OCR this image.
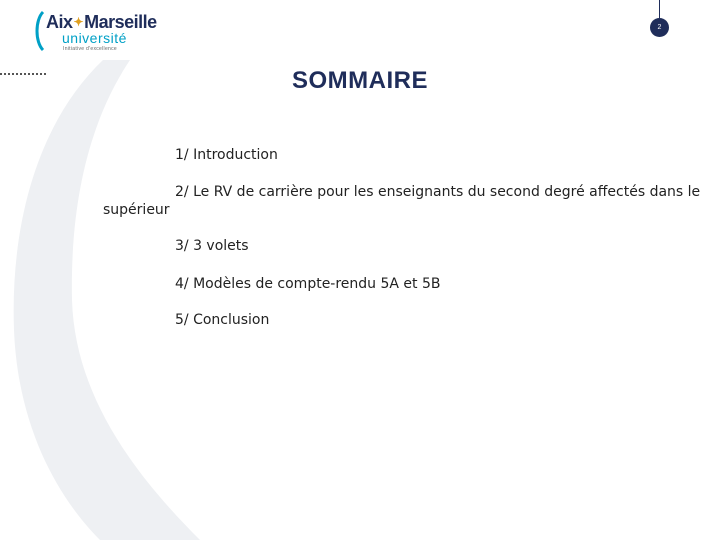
Aix✦Marseille
université
Initiative d'excellence
2
SOMMAIRE
1/ Introduction
2/ Le RV de carrière pour les enseignants du second degré affectés dans le supérieur
3/ 3 volets
4/ Modèles de compte-rendu 5A et 5B
5/ Conclusion
